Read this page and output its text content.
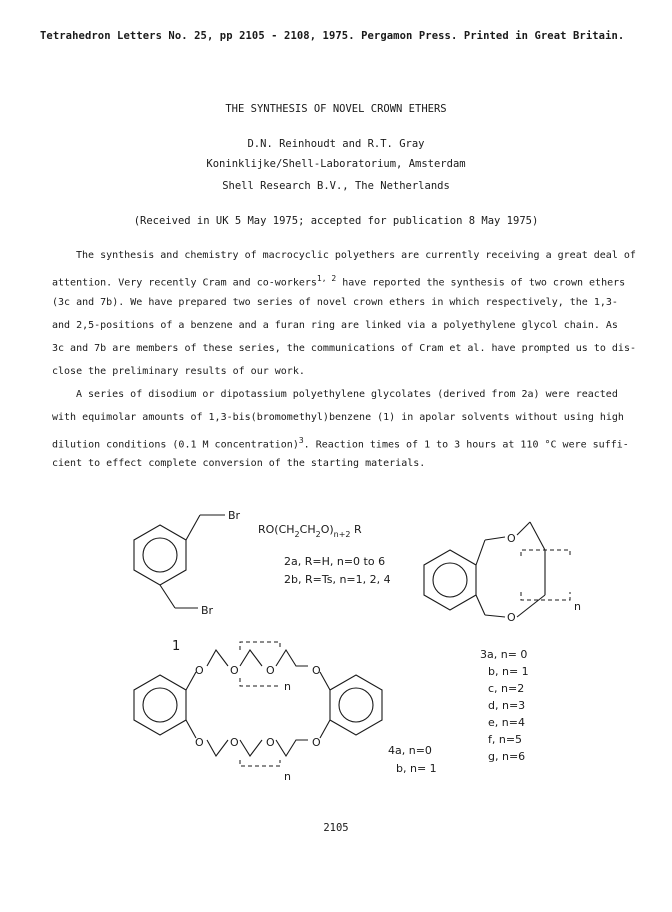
Tetrahedron Letters No. 25, pp 2105 - 2108, 1975. Pergamon Press. Printed in Great Britain.
THE SYNTHESIS OF NOVEL CROWN ETHERS
D.N. Reinhoudt and R.T. Gray
Koninklijke/Shell-Laboratorium, Amsterdam
Shell Research B.V., The Netherlands
(Received in UK 5 May 1975; accepted for publication 8 May 1975)
The synthesis and chemistry of macrocyclic polyethers are currently receiving a great deal of
attention. Very recently Cram and co-workers$^{1, 2}$ have reported the synthesis of two crown ethers
(3c and 7b). We have prepared two series of novel crown ethers in which respectively, the 1,3-
and 2,5-positions of a benzene and a furan ring are linked via a polyethylene glycol chain. As
3c and 7b are members of these series, the communications of Cram et al. have prompted us to dis-
close the preliminary results of our work.
A series of disodium or dipotassium polyethylene glycolates (derived from 2a) were reacted
with equimolar amounts of 1,3-bis(bromomethyl)benzene (1) in apolar solvents without using high
dilution conditions (0.1 M concentration)$^3$. Reaction times of 1 to 3 hours at 110 °C were suffi-
cient to effect complete conversion of the starting materials.
Br
Br
1
$RO(CH_2CH_2O)_{n+2}$ R
2a, R=H, n=0 to 6
2b, R=Ts, n=1, 2, 4
O
O
n
O
O
O
O
O O
O O
n
n
4a, n=0
b, n= 1
3a, n= 0
b, n= 1
c, n=2
d, n=3
e, n=4
f, n=5
g, n=6
2105
